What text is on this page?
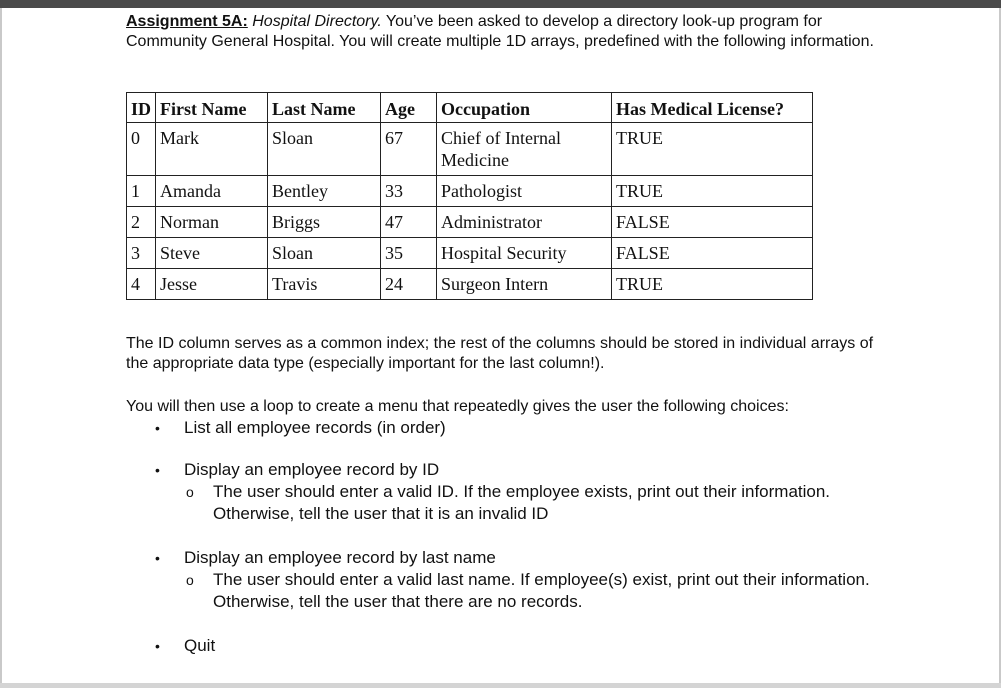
Assignment 5A: Hospital Directory. You’ve been asked to develop a directory look-up program for Community General Hospital. You will create multiple 1D arrays, predefined with the following information.

ID	First Name	Last Name	Age	Occupation	Has Medical License?
0	Mark	Sloan	67	Chief of Internal Medicine	TRUE
1	Amanda	Bentley	33	Pathologist	TRUE
2	Norman	Briggs	47	Administrator	FALSE
3	Steve	Sloan	35	Hospital Security	FALSE
4	Jesse	Travis	24	Surgeon Intern	TRUE

The ID column serves as a common index; the rest of the columns should be stored in individual arrays of the appropriate data type (especially important for the last column!).

You will then use a loop to create a menu that repeatedly gives the user the following choices:

• List all employee records (in order)

• Display an employee record by ID

o The user should enter a valid ID. If the employee exists, print out their information. Otherwise, tell the user that it is an invalid ID

• Display an employee record by last name

o The user should enter a valid last name. If employee(s) exist, print out their information. Otherwise, tell the user that there are no records.

• Quit
